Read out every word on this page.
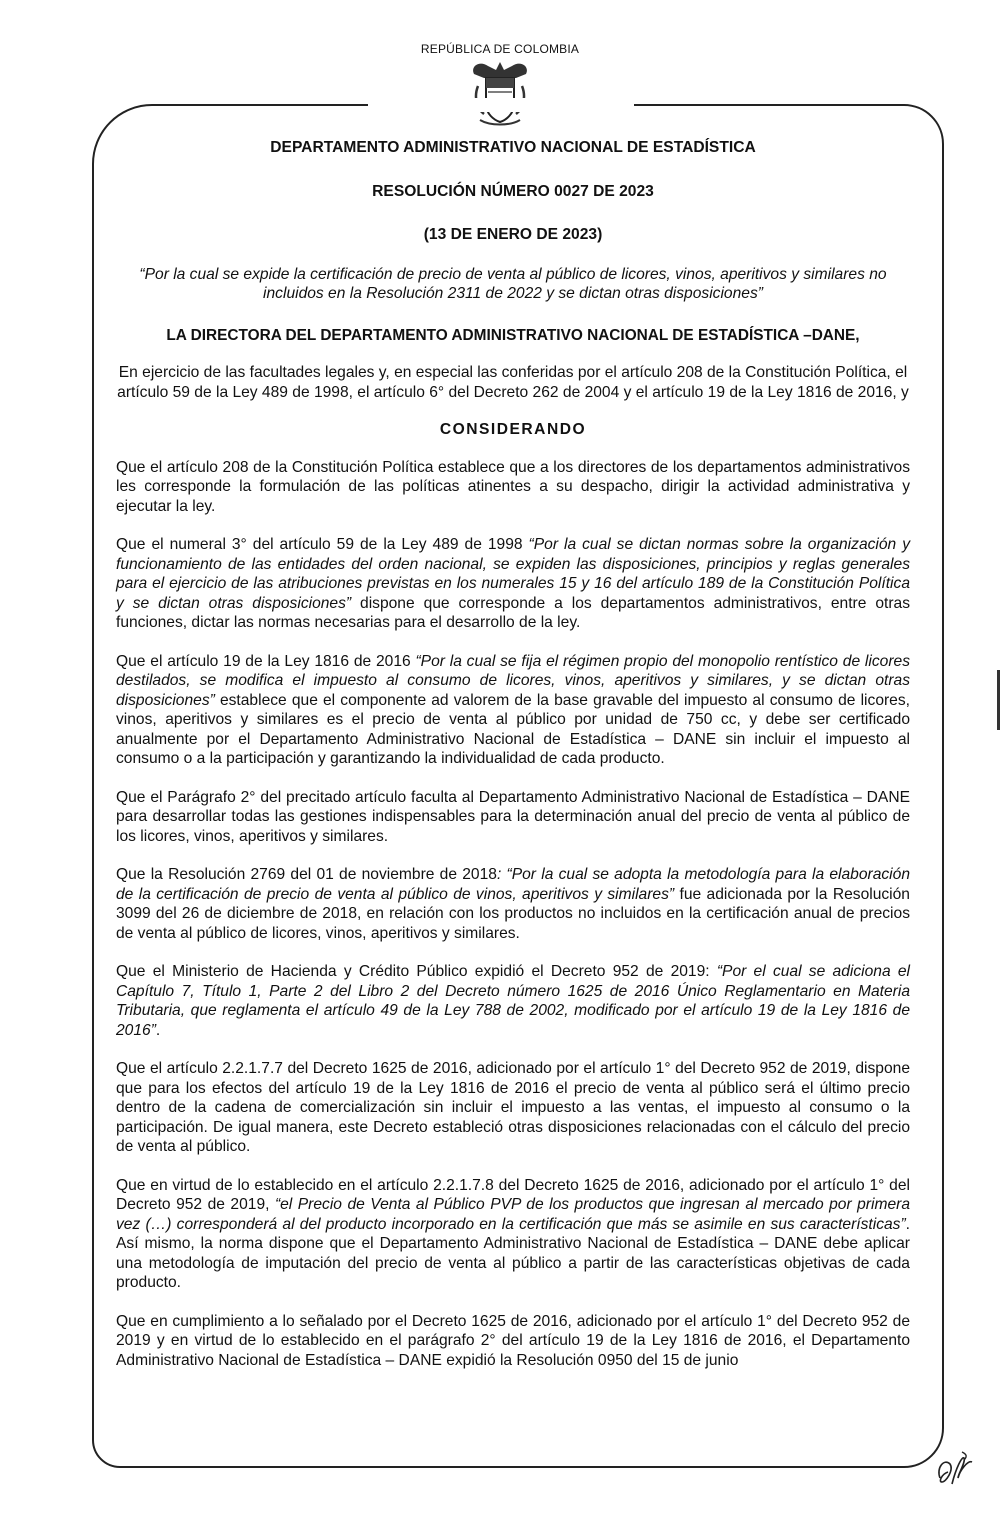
REPÚBLICA DE COLOMBIA

DEPARTAMENTO ADMINISTRATIVO NACIONAL DE ESTADÍSTICA

RESOLUCIÓN NÚMERO 0027 DE 2023

(13 DE ENERO DE 2023)

“Por la cual se expide la certificación de precio de venta al público de licores, vinos, aperitivos y similares no incluidos en la Resolución 2311 de 2022 y se dictan otras disposiciones”

LA DIRECTORA DEL DEPARTAMENTO ADMINISTRATIVO NACIONAL DE ESTADÍSTICA –DANE,

En ejercicio de las facultades legales y, en especial las conferidas por el artículo 208 de la Constitución Política, el artículo 59 de la Ley 489 de 1998, el artículo 6° del Decreto 262 de 2004 y el artículo 19 de la Ley 1816 de 2016, y

CONSIDERANDO

Que el artículo 208 de la Constitución Política establece que a los directores de los departamentos administrativos les corresponde la formulación de las políticas atinentes a su despacho, dirigir la actividad administrativa y ejecutar la ley.

Que el numeral 3° del artículo 59 de la Ley 489 de 1998 “Por la cual se dictan normas sobre la organización y funcionamiento de las entidades del orden nacional, se expiden las disposiciones, principios y reglas generales para el ejercicio de las atribuciones previstas en los numerales 15 y 16 del artículo 189 de la Constitución Política y se dictan otras disposiciones” dispone que corresponde a los departamentos administrativos, entre otras funciones, dictar las normas necesarias para el desarrollo de la ley.

Que el artículo 19 de la Ley 1816 de 2016 “Por la cual se fija el régimen propio del monopolio rentístico de licores destilados, se modifica el impuesto al consumo de licores, vinos, aperitivos y similares, y se dictan otras disposiciones” establece que el componente ad valorem de la base gravable del impuesto al consumo de licores, vinos, aperitivos y similares es el precio de venta al público por unidad de 750 cc, y debe ser certificado anualmente por el Departamento Administrativo Nacional de Estadística – DANE sin incluir el impuesto al consumo o a la participación y garantizando la individualidad de cada producto.

Que el Parágrafo 2° del precitado artículo faculta al Departamento Administrativo Nacional de Estadística – DANE para desarrollar todas las gestiones indispensables para la determinación anual del precio de venta al público de los licores, vinos, aperitivos y similares.

Que la Resolución 2769 del 01 de noviembre de 2018: “Por la cual se adopta la metodología para la elaboración de la certificación de precio de venta al público de vinos, aperitivos y similares” fue adicionada por la Resolución 3099 del 26 de diciembre de 2018, en relación con los productos no incluidos en la certificación anual de precios de venta al público de licores, vinos, aperitivos y similares.

Que el Ministerio de Hacienda y Crédito Público expidió el Decreto 952 de 2019: “Por el cual se adiciona el Capítulo 7, Título 1, Parte 2 del Libro 2 del Decreto número 1625 de 2016 Único Reglamentario en Materia Tributaria, que reglamenta el artículo 49 de la Ley 788 de 2002, modificado por el artículo 19 de la Ley 1816 de 2016”.

Que el artículo 2.2.1.7.7 del Decreto 1625 de 2016, adicionado por el artículo 1° del Decreto 952 de 2019, dispone que para los efectos del artículo 19 de la Ley 1816 de 2016 el precio de venta al público será el último precio dentro de la cadena de comercialización sin incluir el impuesto a las ventas, el impuesto al consumo o la participación. De igual manera, este Decreto estableció otras disposiciones relacionadas con el cálculo del precio de venta al público.

Que en virtud de lo establecido en el artículo 2.2.1.7.8 del Decreto 1625 de 2016, adicionado por el artículo 1° del Decreto 952 de 2019, “el Precio de Venta al Público PVP de los productos que ingresan al mercado por primera vez (…) corresponderá al del producto incorporado en la certificación que más se asimile en sus características”. Así mismo, la norma dispone que el Departamento Administrativo Nacional de Estadística – DANE debe aplicar una metodología de imputación del precio de venta al público a partir de las características objetivas de cada producto.

Que en cumplimiento a lo señalado por el Decreto 1625 de 2016, adicionado por el artículo 1° del Decreto 952 de 2019 y en virtud de lo establecido en el parágrafo 2° del artículo 19 de la Ley 1816 de 2016, el Departamento Administrativo Nacional de Estadística – DANE expidió la Resolución 0950 del 15 de junio
